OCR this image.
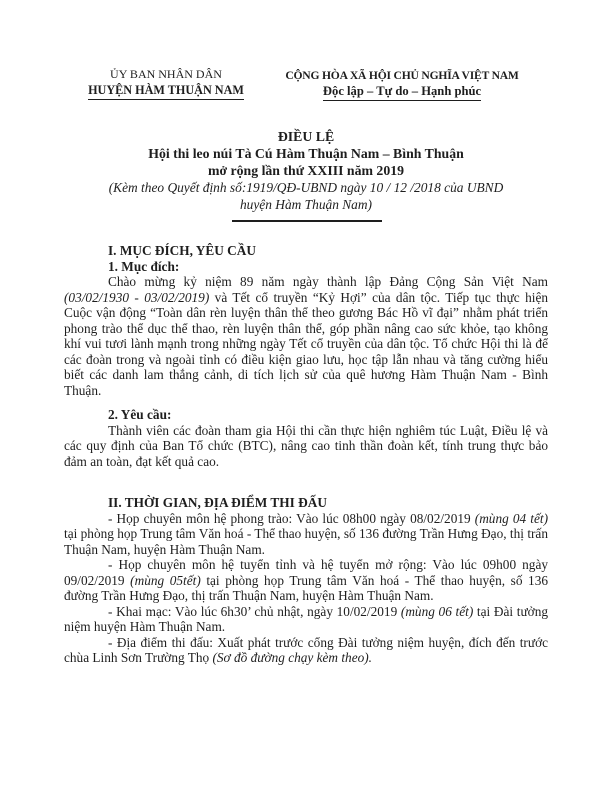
ỦY BAN NHÂN DÂN
HUYỆN HÀM THUẬN NAM
CỘNG HÒA XÃ HỘI CHỦ NGHĨA VIỆT NAM
Độc lập – Tự do – Hạnh phúc
ĐIỀU LỆ
Hội thi leo núi Tà Cú Hàm Thuận Nam – Bình Thuận
mở rộng lần thứ XXIII năm 2019
(Kèm theo Quyết định số:1919/QĐ-UBND ngày 10 / 12 /2018 của UBND
huyện Hàm Thuận Nam)

I. MỤC ĐÍCH, YÊU CẦU

1. Mục đích:

Chào mừng kỷ niệm 89 năm ngày thành lập Đảng Cộng Sản Việt Nam (03/02/1930 - 03/02/2019) và Tết cổ truyền “Kỷ Hợi” của dân tộc. Tiếp tục thực hiện Cuộc vận động “Toàn dân rèn luyện thân thể theo gương Bác Hồ vĩ đại” nhằm phát triển phong trào thể dục thể thao, rèn luyện thân thể, góp phần nâng cao sức khỏe, tạo không khí vui tươi lành mạnh trong những ngày Tết cổ truyền của dân tộc. Tổ chức Hội thi là để các đoàn trong và ngoài tỉnh có điều kiện giao lưu, học tập lẫn nhau và tăng cường hiểu biết các danh lam thắng cảnh, di tích lịch sử của quê hương Hàm Thuận Nam - Bình Thuận.

2. Yêu cầu:

Thành viên các đoàn tham gia Hội thi cần thực hiện nghiêm túc Luật, Điều lệ và các quy định của Ban Tổ chức (BTC), nâng cao tinh thần đoàn kết, tính trung thực bảo đảm an toàn, đạt kết quả cao.

II. THỜI GIAN, ĐỊA ĐIỂM THI ĐẤU

- Họp chuyên môn hệ phong trào: Vào lúc 08h00 ngày 08/02/2019 (mùng 04 tết) tại phòng họp Trung tâm Văn hoá - Thể thao huyện, số 136 đường Trần Hưng Đạo, thị trấn Thuận Nam, huyện Hàm Thuận Nam.

- Họp chuyên môn hệ tuyển tỉnh và hệ tuyển mở rộng: Vào lúc 09h00 ngày 09/02/2019 (mùng 05tết) tại phòng họp Trung tâm Văn hoá - Thể thao huyện, số 136 đường Trần Hưng Đạo, thị trấn Thuận Nam, huyện Hàm Thuận Nam.

- Khai mạc: Vào lúc 6h30’ chủ nhật, ngày 10/02/2019 (mùng 06 tết) tại Đài tưởng niệm huyện Hàm Thuận Nam.

- Địa điểm thi đấu: Xuất phát trước cổng Đài tưởng niệm huyện, đích đến trước chùa Linh Sơn Trường Thọ (Sơ đồ đường chạy kèm theo).
